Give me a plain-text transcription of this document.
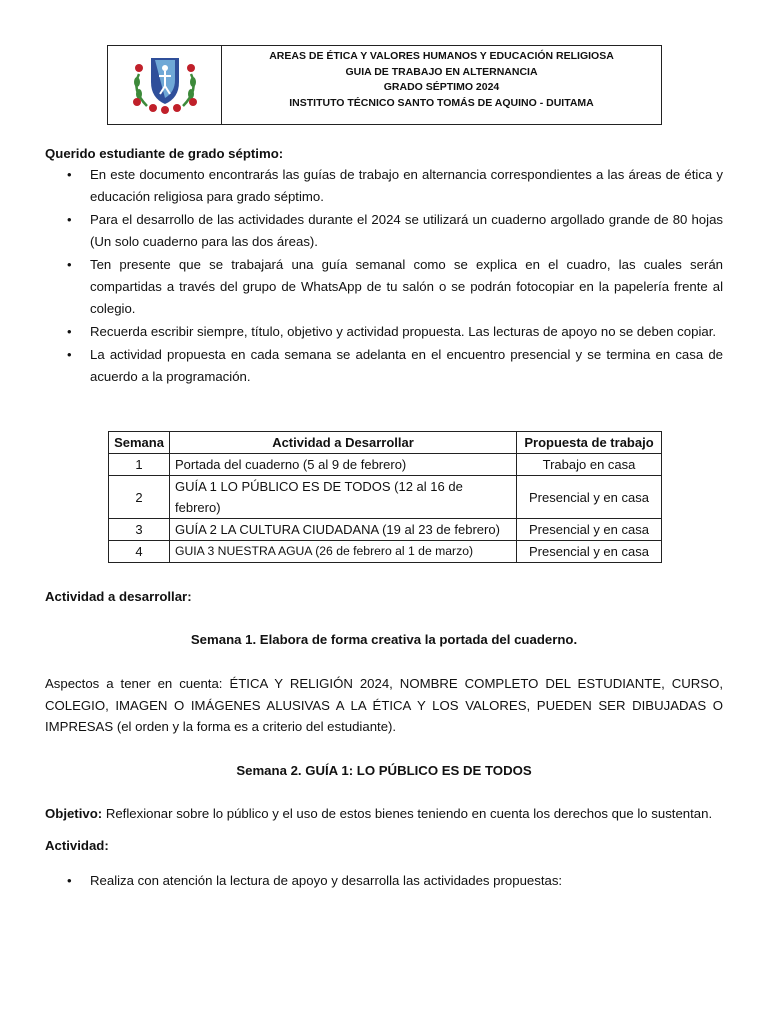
AREAS DE ÉTICA Y VALORES HUMANOS Y EDUCACIÓN RELIGIOSA
GUIA DE TRABAJO EN ALTERNANCIA
GRADO SÉPTIMO 2024
INSTITUTO TÉCNICO SANTO TOMÁS DE AQUINO - DUITAMA
Querido estudiante de grado séptimo:
• En este documento encontrarás las guías de trabajo en alternancia correspondientes a las áreas de ética y educación religiosa para grado séptimo.
• Para el desarrollo de las actividades durante el 2024 se utilizará un cuaderno argollado grande de 80 hojas (Un solo cuaderno para las dos áreas).
• Ten presente que se trabajará una guía semanal como se explica en el cuadro, las cuales serán compartidas a través del grupo de WhatsApp de tu salón o se podrán fotocopiar en la papelería frente al colegio.
• Recuerda escribir siempre, título, objetivo y actividad propuesta. Las lecturas de apoyo no se deben copiar.
• La actividad propuesta en cada semana se adelanta en el encuentro presencial y se termina en casa de acuerdo a la programación.
Semana	Actividad a Desarrollar	Propuesta de trabajo
1	Portada del cuaderno (5 al 9 de febrero)	Trabajo en casa
2	GUÍA 1 LO PÚBLICO ES DE TODOS (12 al 16 de febrero)	Presencial y en casa
3	GUÍA 2 LA CULTURA CIUDADANA (19 al 23 de febrero)	Presencial y en casa
4	GUIA 3 NUESTRA AGUA (26 de febrero al 1 de marzo)	Presencial y en casa
Actividad a desarrollar:
Semana 1. Elabora de forma creativa la portada del cuaderno.
Aspectos a tener en cuenta: ÉTICA Y RELIGIÓN 2024, NOMBRE COMPLETO DEL ESTUDIANTE, CURSO, COLEGIO, IMAGEN O IMÁGENES ALUSIVAS A LA ÉTICA Y LOS VALORES, PUEDEN SER DIBUJADAS O IMPRESAS (el orden y la forma es a criterio del estudiante).
Semana 2. GUÍA 1: LO PÚBLICO ES DE TODOS
Objetivo: Reflexionar sobre lo público y el uso de estos bienes teniendo en cuenta los derechos que lo sustentan.
Actividad:
•	Realiza con atención la lectura de apoyo y desarrolla las actividades propuestas:
